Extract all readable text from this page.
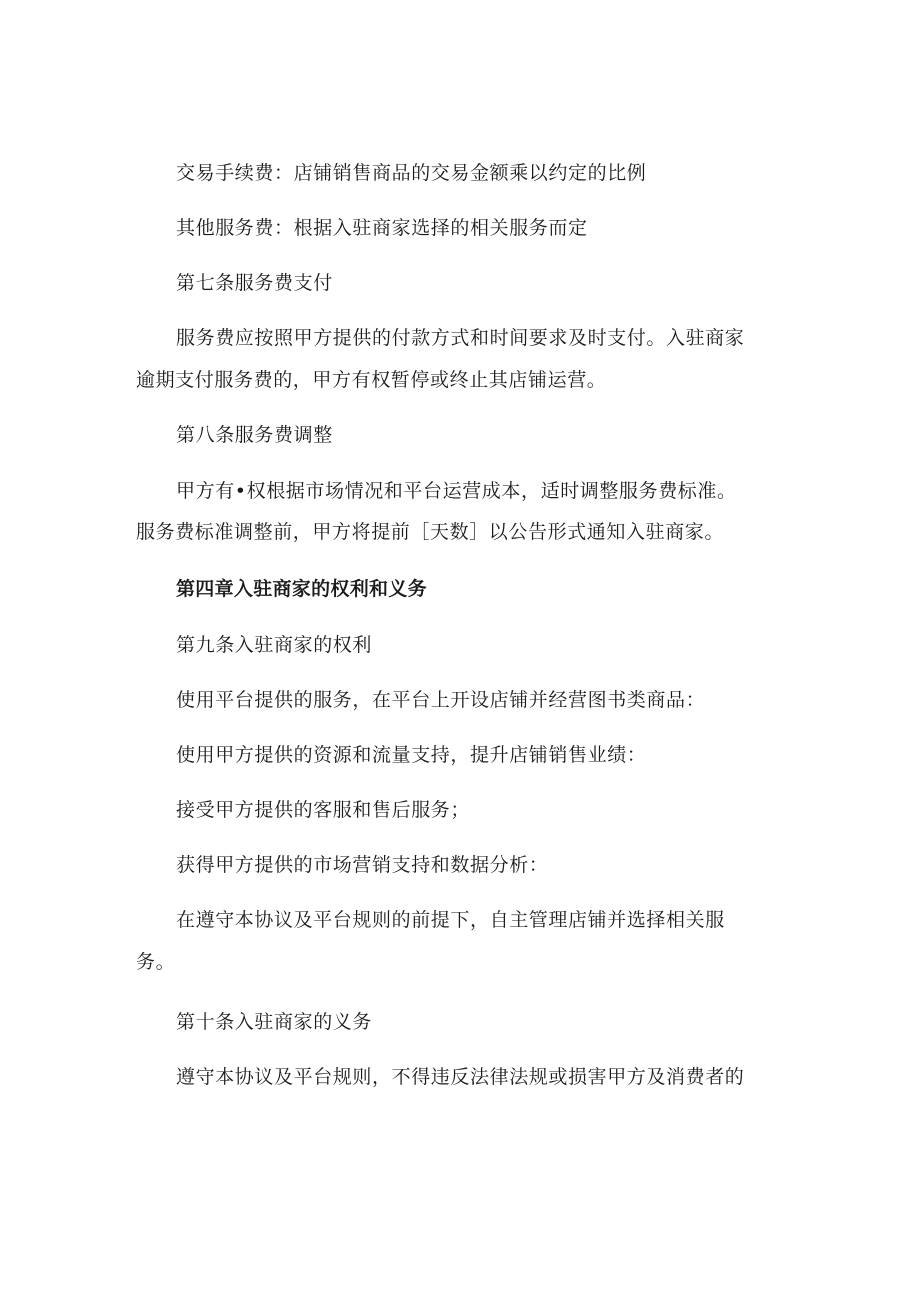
交易手续费：店铺销售商品的交易金额乘以约定的比例
其他服务费：根据入驻商家选择的相关服务而定
第七条服务费支付
服务费应按照甲方提供的付款方式和时间要求及时支付。入驻商家
逾期支付服务费的，甲方有权暂停或终止其店铺运营。
第八条服务费调整
甲方有•权根据市场情况和平台运营成本，适时调整服务费标准。
服务费标准调整前，甲方将提前［天数］以公告形式通知入驻商家。
第四章入驻商家的权利和义务
第九条入驻商家的权利
使用平台提供的服务，在平台上开设店铺并经营图书类商品：
使用甲方提供的资源和流量支持，提升店铺销售业绩：
接受甲方提供的客服和售后服务；
获得甲方提供的市场营销支持和数据分析：
在遵守本协议及平台规则的前提下，自主管理店铺并选择相关服
务。
第十条入驻商家的义务
遵守本协议及平台规则，不得违反法律法规或损害甲方及消费者的
